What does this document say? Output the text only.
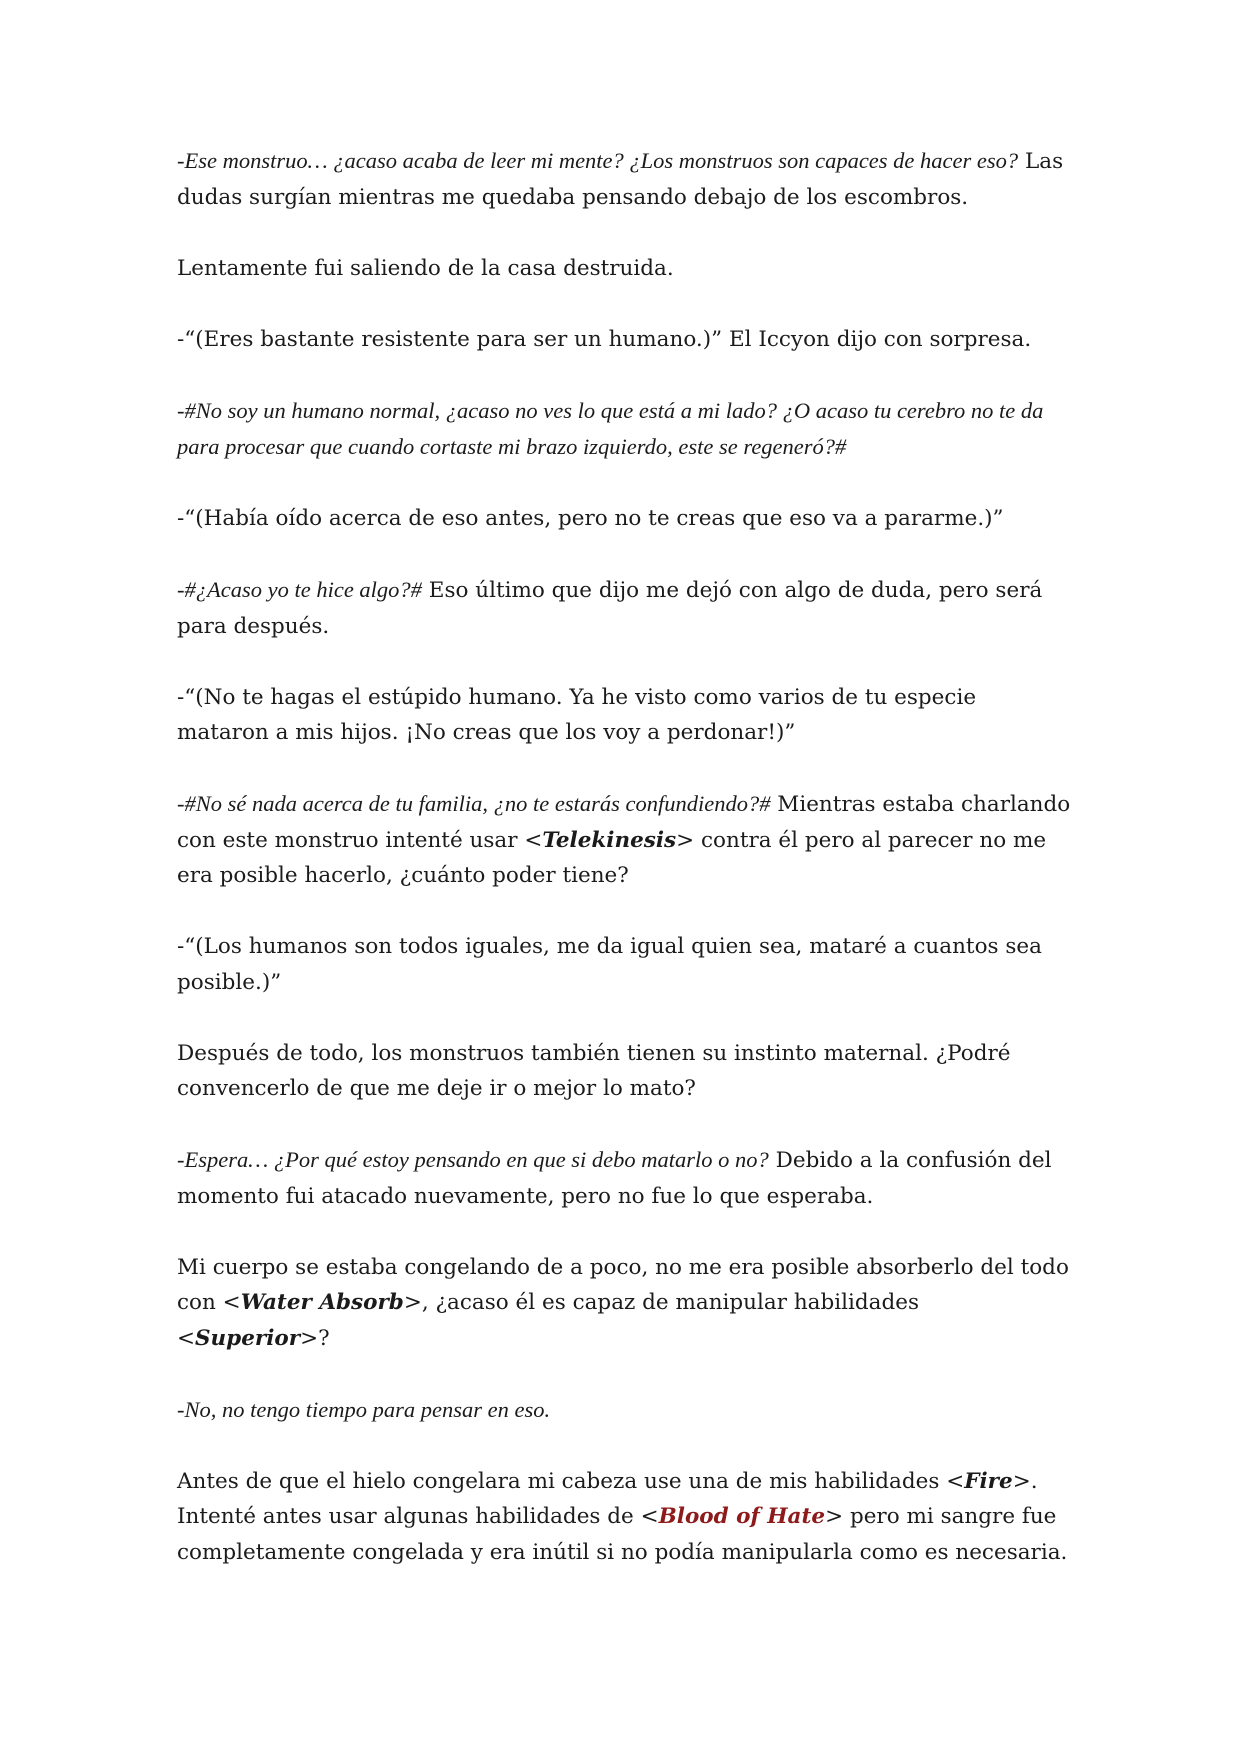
-Ese monstruo… ¿acaso acaba de leer mi mente? ¿Los monstruos son capaces de hacer eso? Las dudas surgían mientras me quedaba pensando debajo de los escombros.

Lentamente fui saliendo de la casa destruida.

-“(Eres bastante resistente para ser un humano.)” El Iccyon dijo con sorpresa.

-#No soy un humano normal, ¿acaso no ves lo que está a mi lado? ¿O acaso tu cerebro no te da para procesar que cuando cortaste mi brazo izquierdo, este se regeneró?#

-“(Había oído acerca de eso antes, pero no te creas que eso va a pararme.)”

-#¿Acaso yo te hice algo?# Eso último que dijo me dejó con algo de duda, pero será para después.

-“(No te hagas el estúpido humano. Ya he visto como varios de tu especie mataron a mis hijos. ¡No creas que los voy a perdonar!)”

-#No sé nada acerca de tu familia, ¿no te estarás confundiendo?# Mientras estaba charlando con este monstruo intenté usar <Telekinesis> contra él pero al parecer no me era posible hacerlo, ¿cuánto poder tiene?

-“(Los humanos son todos iguales, me da igual quien sea, mataré a cuantos sea posible.)”

Después de todo, los monstruos también tienen su instinto maternal. ¿Podré convencerlo de que me deje ir o mejor lo mato?

-Espera… ¿Por qué estoy pensando en que si debo matarlo o no? Debido a la confusión del momento fui atacado nuevamente, pero no fue lo que esperaba.

Mi cuerpo se estaba congelando de a poco, no me era posible absorberlo del todo con <Water Absorb>, ¿acaso él es capaz de manipular habilidades <Superior>?

-No, no tengo tiempo para pensar en eso.

Antes de que el hielo congelara mi cabeza use una de mis habilidades <Fire>. Intenté antes usar algunas habilidades de <Blood of Hate> pero mi sangre fue completamente congelada y era inútil si no podía manipularla como es necesaria.
